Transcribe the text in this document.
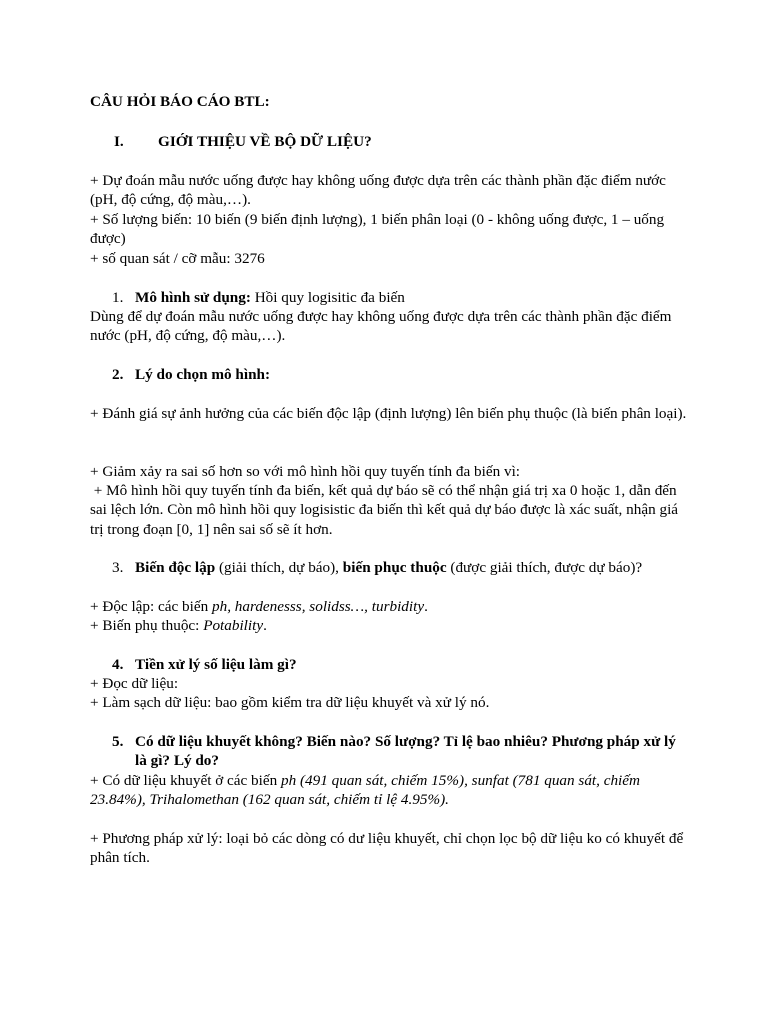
CÂU HỎI BÁO CÁO BTL:

I. GIỚI THIỆU VỀ BỘ DỮ LIỆU?

+ Dự đoán mẫu nước uống được hay không uống được dựa trên các thành phần đặc điểm nước (pH, độ cứng, độ màu,…).

+ Số lượng biến: 10 biến (9 biến định lượng), 1 biến phân loại (0 - không uống được, 1 – uống được)

+ số quan sát / cỡ mẫu: 3276

1. Mô hình sử dụng: Hồi quy logisitic đa biến

Dùng để dự đoán mẫu nước uống được hay không uống được dựa trên các thành phần đặc điểm nước (pH, độ cứng, độ màu,…).

2. Lý do chọn mô hình:

+ Đánh giá sự ảnh hưởng của các biến độc lập (định lượng) lên biến phụ thuộc (là biến phân loại).

+ Giảm xảy ra sai số hơn so với mô hình hồi quy tuyến tính đa biến vì:

+ Mô hình hồi quy tuyến tính đa biến, kết quả dự báo sẽ có thể nhận giá trị xa 0 hoặc 1, dẫn đến sai lệch lớn. Còn mô hình hồi quy logisistic đa biến thì kết quả dự báo được là xác suất, nhận giá trị trong đoạn [0, 1] nên sai số sẽ ít hơn.

3. Biến độc lập (giải thích, dự báo), biến phục thuộc (được giải thích, được dự báo)?

+ Độc lập: các biến ph, hardenesss, solidss…, turbidity.

+ Biến phụ thuộc: Potability.

4. Tiền xử lý số liệu làm gì?

+ Đọc dữ liệu:

+ Làm sạch dữ liệu: bao gồm kiểm tra dữ liệu khuyết và xử lý nó.

5. Có dữ liệu khuyết không? Biến nào? Số lượng? Tỉ lệ bao nhiêu? Phương pháp xử lý là gì? Lý do?

+ Có dữ liệu khuyết ở các biến ph (491 quan sát, chiếm 15%), sunfat (781 quan sát, chiếm 23.84%), Trihalomethan (162 quan sát, chiếm tỉ lệ 4.95%).

+ Phương pháp xử lý: loại bỏ các dòng có dư liệu khuyết, chỉ chọn lọc bộ dữ liệu ko có khuyết để phân tích.
